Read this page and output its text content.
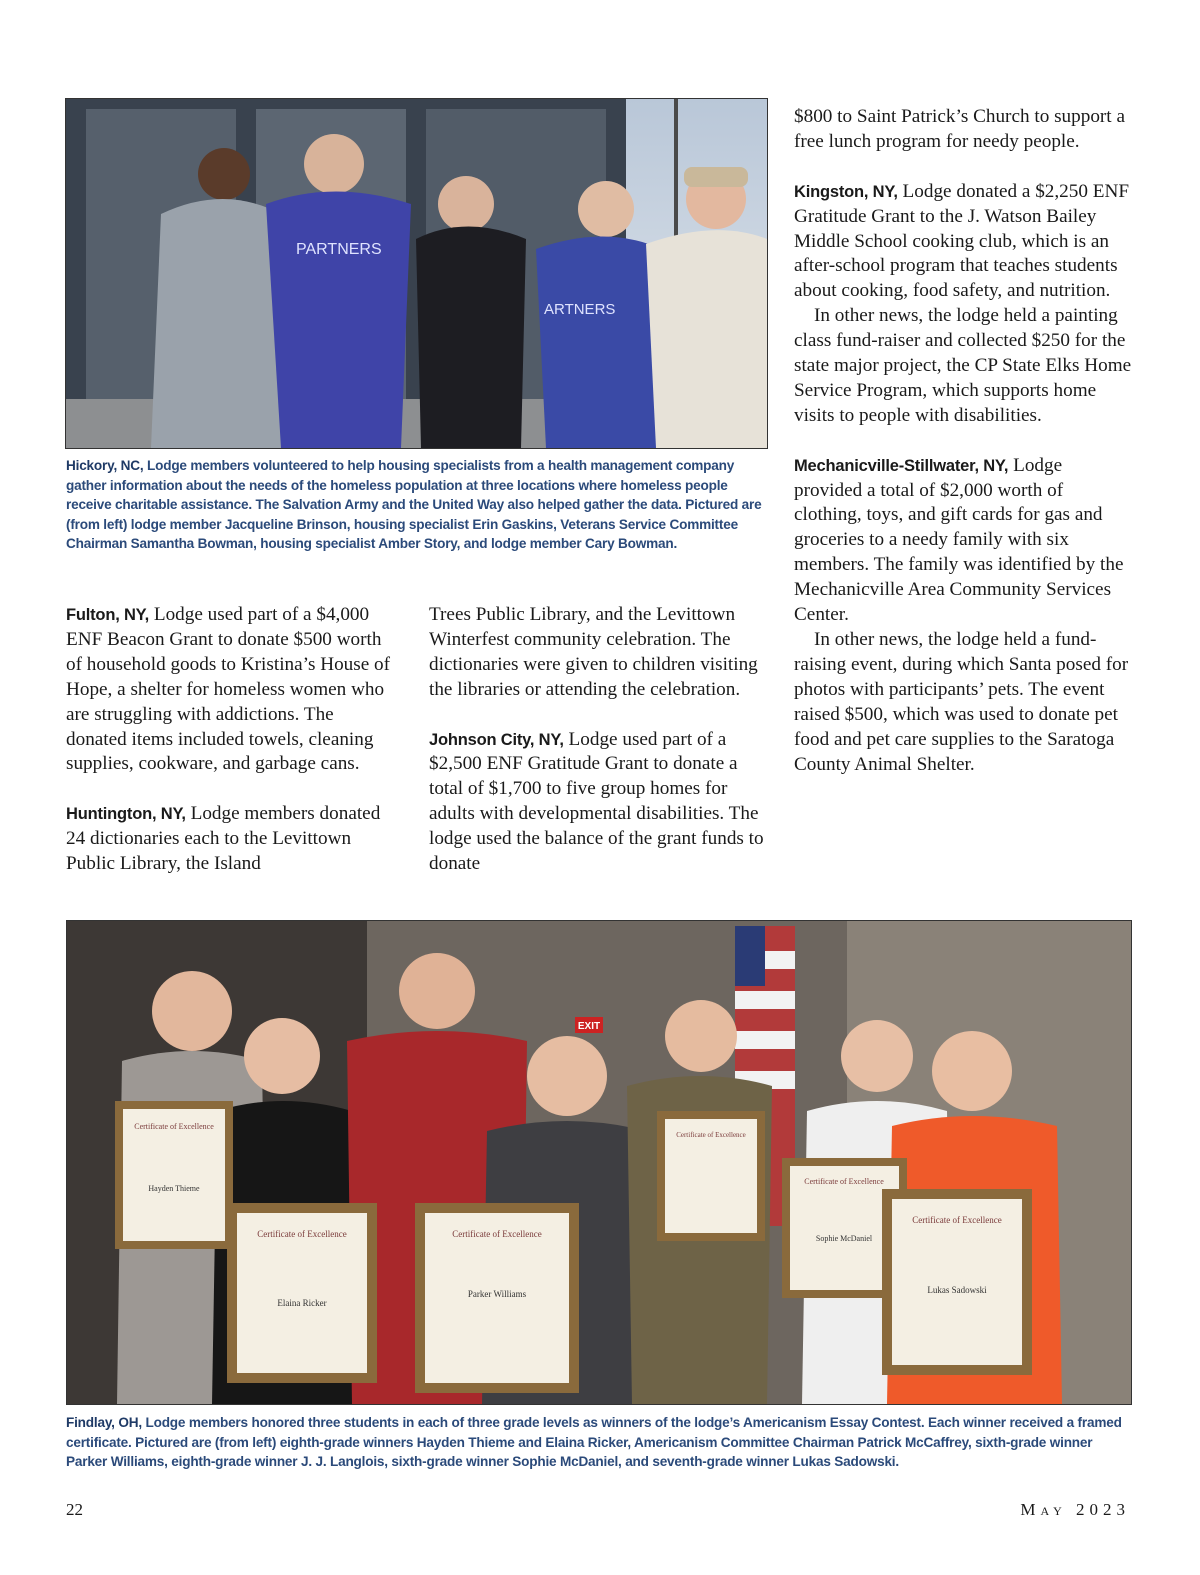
PARTNERS
ARTNERS
Hickory, NC, Lodge members volunteered to help housing specialists from a health management company gather information about the needs of the homeless population at three locations where homeless people receive charitable assistance. The Salvation Army and the United Way also helped gather the data. Pictured are (from left) lodge member Jacqueline Brinson, housing specialist Erin Gaskins, Veterans Service Committee Chairman Samantha Bowman, housing specialist Amber Story, and lodge member Cary Bowman.

Fulton, NY, Lodge used part of a $4,000 ENF Beacon Grant to donate $500 worth of household goods to Kristina’s House of Hope, a shelter for homeless women who are struggling with addictions. The donated items included towels, cleaning supplies, cookware, and garbage cans.

Huntington, NY, Lodge members donated 24 dictionaries each to the Levittown Public Library, the Island

Trees Public Library, and the Levittown Winterfest community celebration. The dictionaries were given to children visiting the libraries or attending the celebration.

Johnson City, NY, Lodge used part of a $2,500 ENF Gratitude Grant to donate a total of $1,700 to five group homes for adults with developmental disabilities. The lodge used the balance of the grant funds to donate

$800 to Saint Patrick’s Church to support a free lunch program for needy people.

Kingston, NY, Lodge donated a $2,250 ENF Gratitude Grant to the J. Watson Bailey Middle School cooking club, which is an after-school program that teaches students about cooking, food safety, and nutrition.

In other news, the lodge held a painting class fund-raiser and collected $250 for the state major project, the CP State Elks Home Service Program, which supports home visits to people with disabilities.

Mechanicville-Stillwater, NY, Lodge provided a total of $2,000 worth of clothing, toys, and gift cards for gas and groceries to a needy family with six members. The family was identified by the Mechanicville Area Community Services Center.

In other news, the lodge held a fund-raising event, during which Santa posed for photos with participants’ pets. The event raised $500, which was used to donate pet food and pet care supplies to the Saratoga County Animal Shelter.

EXIT
Certificate of Excellence
Hayden Thieme
Certificate of Excellence
Elaina Ricker
Certificate of Excellence
Parker Williams
Certificate of Excellence
Certificate of Excellence
Sophie McDaniel
Certificate of Excellence
Lukas Sadowski
Findlay, OH, Lodge members honored three students in each of three grade levels as winners of the lodge’s Americanism Essay Contest. Each winner received a framed certificate. Pictured are (from left) eighth-grade winners Hayden Thieme and Elaina Ricker, Americanism Committee Chairman Patrick McCaffrey, sixth-grade winner Parker Williams, eighth-grade winner J. J. Langlois, sixth-grade winner Sophie McDaniel, and seventh-grade winner Lukas Sadowski.
22	May 2023
